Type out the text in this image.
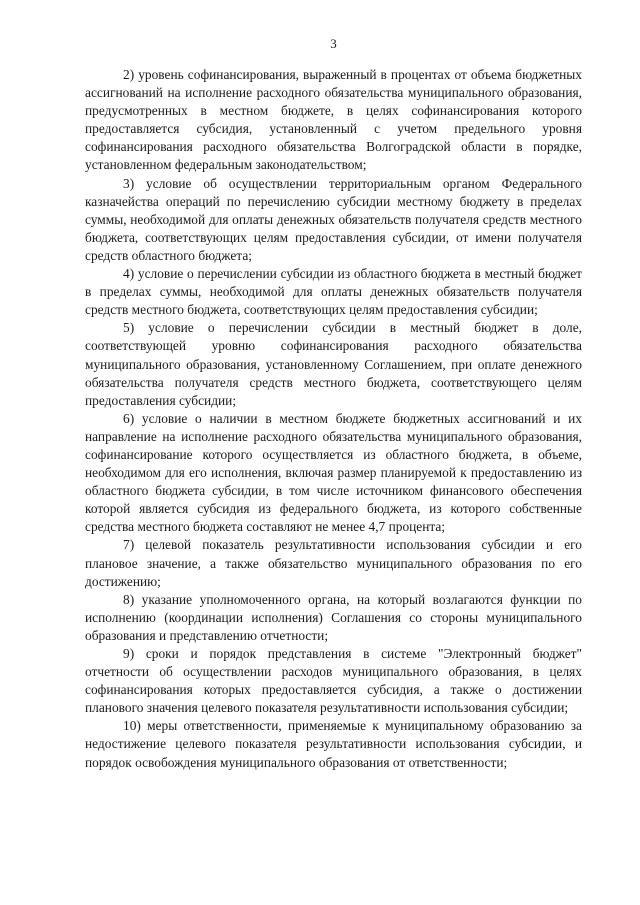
3

2) уровень софинансирования, выраженный в процентах от объема бюджетных ассигнований на исполнение расходного обязательства муниципального образования, предусмотренных в местном бюджете, в целях софинансирования которого предоставляется субсидия, установленный с учетом предельного уровня софинансирования расходного обязательства Волгоградской области в порядке, установленном федеральным законодательством;

3) условие об осуществлении территориальным органом Федерального казначейства операций по перечислению субсидии местному бюджету в пределах суммы, необходимой для оплаты денежных обязательств получателя средств местного бюджета, соответствующих целям предоставления субсидии, от имени получателя средств областного бюджета;

4) условие о перечислении субсидии из областного бюджета в местный бюджет в пределах суммы, необходимой для оплаты денежных обязательств получателя средств местного бюджета, соответствующих целям предоставления субсидии;

5) условие о перечислении субсидии в местный бюджет в доле, соответствующей уровню софинансирования расходного обязательства муниципального образования, установленному Соглашением, при оплате денежного обязательства получателя средств местного бюджета, соответствующего целям предоставления субсидии;

6) условие о наличии в местном бюджете бюджетных ассигнований и их направление на исполнение расходного обязательства муниципального образования, софинансирование которого осуществляется из областного бюджета, в объеме, необходимом для его исполнения, включая размер планируемой к предоставлению из областного бюджета субсидии, в том числе источником финансового обеспечения которой является субсидия из федерального бюджета, из которого собственные средства местного бюджета составляют не менее 4,7 процента;

7) целевой показатель результативности использования субсидии и его плановое значение, а также обязательство муниципального образования по его достижению;

8) указание уполномоченного органа, на который возлагаются функции по исполнению (координации исполнения) Соглашения со стороны муниципального образования и представлению отчетности;

9) сроки и порядок представления в системе "Электронный бюджет" отчетности об осуществлении расходов муниципального образования, в целях софинансирования которых предоставляется субсидия, а также о достижении планового значения целевого показателя результативности использования субсидии;

10) меры ответственности, применяемые к муниципальному образованию за недостижение целевого показателя результативности использования субсидии, и порядок освобождения муниципального образования от ответственности;
